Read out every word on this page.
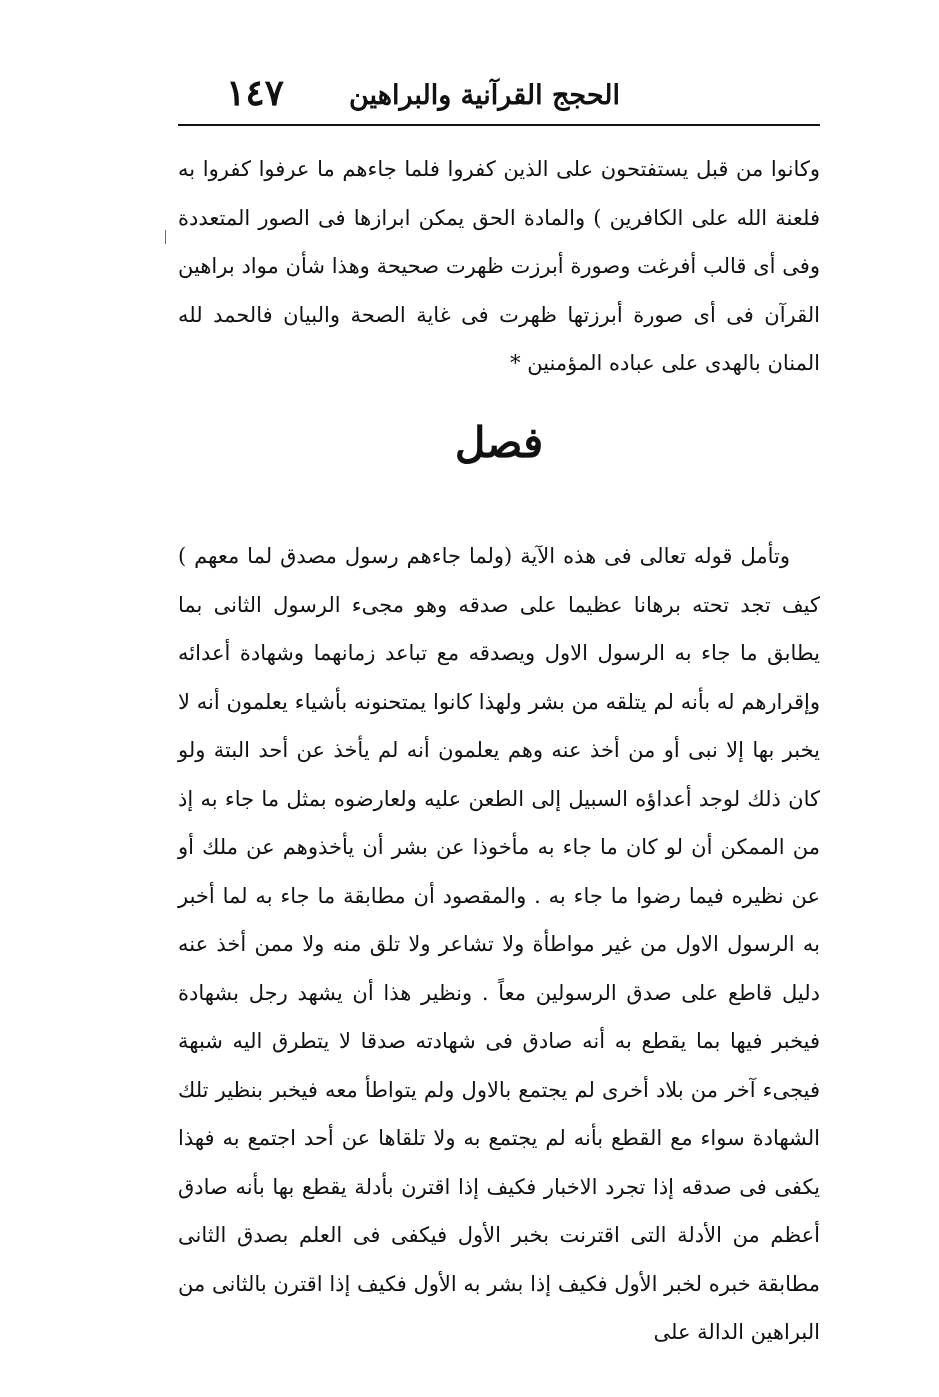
الحجج القرآنية والبراهين
١٤٧

وكانوا من قبل يستفتحون على الذين كفروا فلما جاءهم ما عرفوا كفروا به فلعنة الله على الكافرين ) والمادة الحق يمكن ابرازها فى الصور المتعددة وفى أى قالب أفرغت وصورة أبرزت ظهرت صحيحة وهذا شأن مواد براهين القرآن فى أى صورة أبرزتها ظهرت فى غاية الصحة والبيان فالحمد لله المنان بالهدى على عباده المؤمنين *

فصل

وتأمل قوله تعالى فى هذه الآية (ولما جاءهم رسول مصدق لما معهم ) كيف تجد تحته برهانا عظيما على صدقه وهو مجىء الرسول الثانى بما يطابق ما جاء به الرسول الاول ويصدقه مع تباعد زمانهما وشهادة أعدائه وإقرارهم له بأنه لم يتلقه من بشر ولهذا كانوا يمتحنونه بأشياء يعلمون أنه لا يخبر بها إلا نبى أو من أخذ عنه وهم يعلمون أنه لم يأخذ عن أحد البتة ولو كان ذلك لوجد أعداؤه السبيل إلى الطعن عليه ولعارضوه بمثل ما جاء به إذ من الممكن أن لو كان ما جاء به مأخوذا عن بشر أن يأخذوهم عن ملك أو عن نظيره فيما رضوا ما جاء به . والمقصود أن مطابقة ما جاء به لما أخبر به الرسول الاول من غير مواطأة ولا تشاعر ولا تلق منه ولا ممن أخذ عنه دليل قاطع على صدق الرسولين معاً . ونظير هذا أن يشهد رجل بشهادة فيخبر فيها بما يقطع به أنه صادق فى شهادته صدقا لا يتطرق اليه شبهة فيجىء آخر من بلاد أخرى لم يجتمع بالاول ولم يتواطأ معه فيخبر بنظير تلك الشهادة سواء مع القطع بأنه لم يجتمع به ولا تلقاها عن أحد اجتمع به فهذا يكفى فى صدقه إذا تجرد الاخبار فكيف إذا اقترن بأدلة يقطع بها بأنه صادق أعظم من الأدلة التى اقترنت بخبر الأول فيكفى فى العلم بصدق الثانى مطابقة خبره لخبر الأول فكيف إذا بشر به الأول فكيف إذا اقترن بالثانى من البراهين الدالة على
